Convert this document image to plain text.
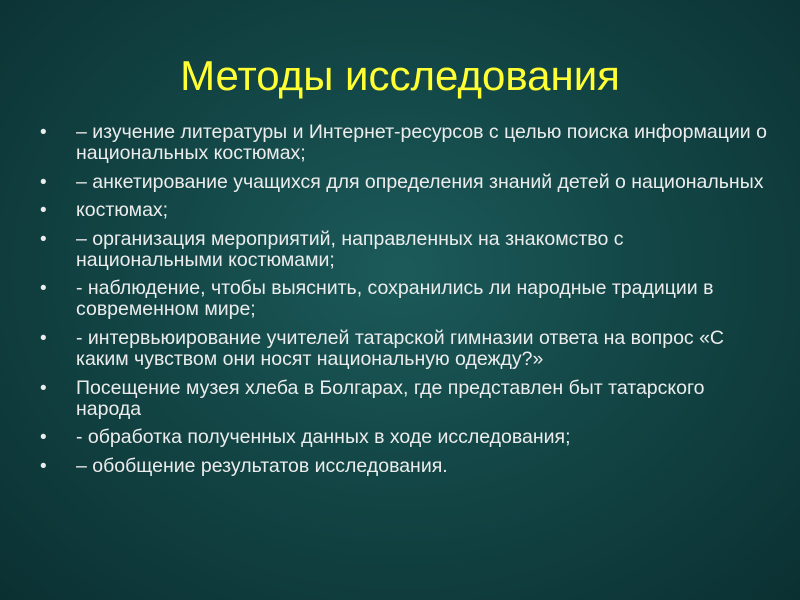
Методы исследования
• – изучение литературы и Интернет-ресурсов с целью поиска информации о национальных костюмах;
• – анкетирование учащихся для определения знаний детей о национальных
• костюмах;
• – организация мероприятий, направленных на знакомство с национальными костюмами;
• - наблюдение, чтобы выяснить, сохранились ли народные традиции в современном мире;
• - интервьюирование учителей татарской гимназии ответа на вопрос «С каким чувством они носят национальную одежду?»
• Посещение музея хлеба в Болгарах, где представлен быт татарского народа
• - обработка полученных данных в ходе исследования;
• – обобщение результатов исследования.
